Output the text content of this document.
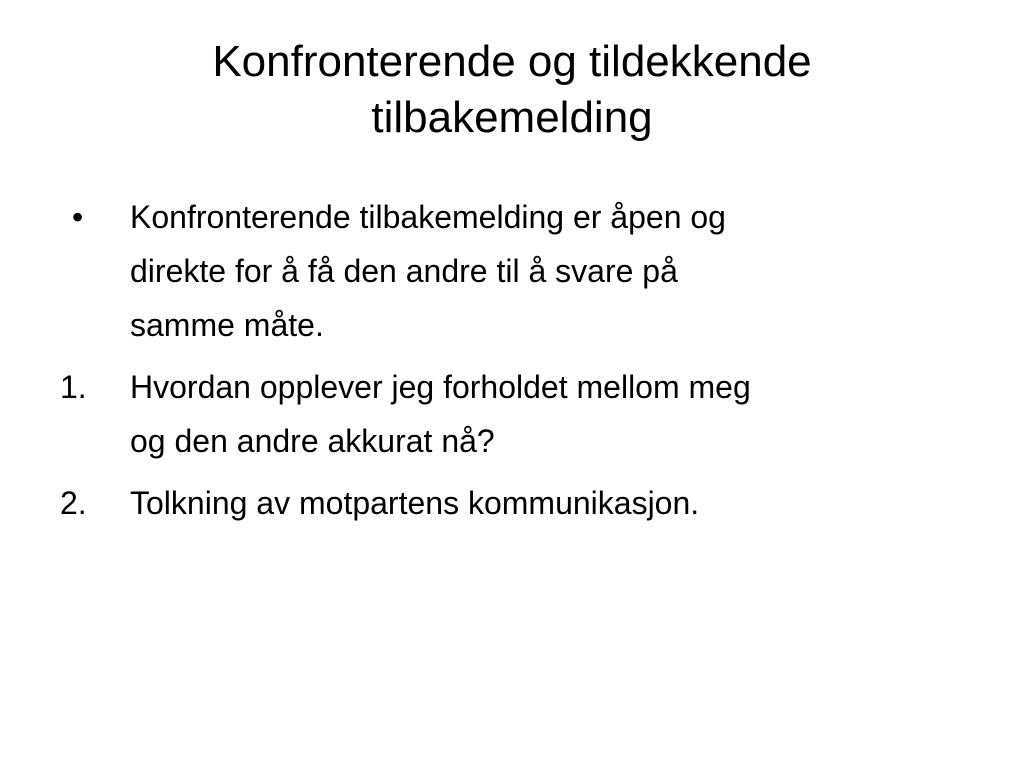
Konfronterende og tildekkende
tilbakemelding
•	Konfronterende tilbakemelding er åpen og
direkte for å få den andre til å svare på
samme måte.
1.	Hvordan opplever jeg forholdet mellom meg
og den andre akkurat nå?
2.	Tolkning av motpartens kommunikasjon.
